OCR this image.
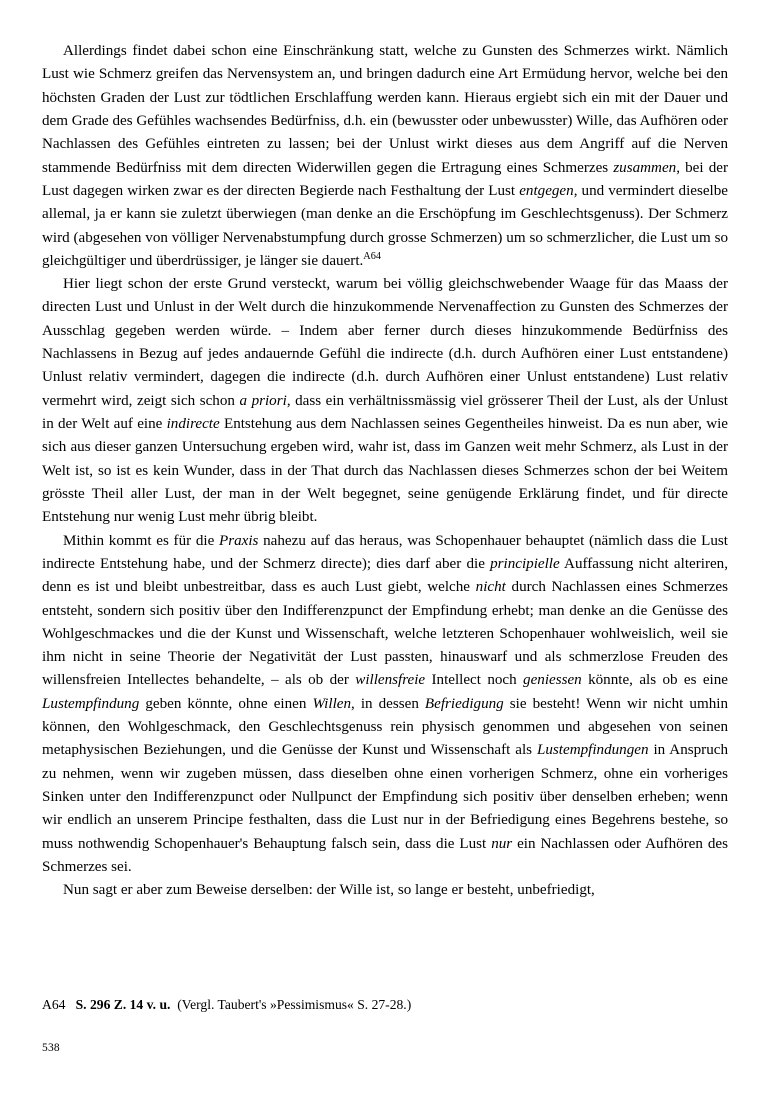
Allerdings findet dabei schon eine Einschränkung statt, welche zu Gunsten des Schmerzes wirkt. Nämlich Lust wie Schmerz greifen das Nervensystem an, und bringen dadurch eine Art Ermüdung hervor, welche bei den höchsten Graden der Lust zur tödtlichen Erschlaffung werden kann. Hieraus ergiebt sich ein mit der Dauer und dem Grade des Gefühles wachsendes Bedürfniss, d.h. ein (bewusster oder unbewusster) Wille, das Aufhören oder Nachlassen des Gefühles eintreten zu lassen; bei der Unlust wirkt dieses aus dem Angriff auf die Nerven stammende Bedürfniss mit dem directen Widerwillen gegen die Ertragung eines Schmerzes zusammen, bei der Lust dagegen wirken zwar es der directen Begierde nach Festhaltung der Lust entgegen, und vermindert dieselbe allemal, ja er kann sie zuletzt überwiegen (man denke an die Erschöpfung im Geschlechtsgenuss). Der Schmerz wird (abgesehen von völliger Nervenabstumpfung durch grosse Schmerzen) um so schmerzlicher, die Lust um so gleichgültiger und überdrüssiger, je länger sie dauert.$^{A64}$

Hier liegt schon der erste Grund versteckt, warum bei völlig gleichschwebender Waage für das Maass der directen Lust und Unlust in der Welt durch die hinzukommende Nervenaffection zu Gunsten des Schmerzes der Ausschlag gegeben werden würde. – Indem aber ferner durch dieses hinzukommende Bedürfniss des Nachlassens in Bezug auf jedes andauernde Gefühl die indirecte (d.h. durch Aufhören einer Lust entstandene) Unlust relativ vermindert, dagegen die indirecte (d.h. durch Aufhören einer Unlust entstandene) Lust relativ vermehrt wird, zeigt sich schon a priori, dass ein verhältnissmässig viel grösserer Theil der Lust, als der Unlust in der Welt auf eine indirecte Entstehung aus dem Nachlassen seines Gegentheiles hinweist. Da es nun aber, wie sich aus dieser ganzen Untersuchung ergeben wird, wahr ist, dass im Ganzen weit mehr Schmerz, als Lust in der Welt ist, so ist es kein Wunder, dass in der That durch das Nachlassen dieses Schmerzes schon der bei Weitem grösste Theil aller Lust, der man in der Welt begegnet, seine genügende Erklärung findet, und für directe Entstehung nur wenig Lust mehr übrig bleibt.

Mithin kommt es für die Praxis nahezu auf das heraus, was Schopenhauer behauptet (nämlich dass die Lust indirecte Entstehung habe, und der Schmerz directe); dies darf aber die principielle Auffassung nicht alteriren, denn es ist und bleibt unbestreitbar, dass es auch Lust giebt, welche nicht durch Nachlassen eines Schmerzes entsteht, sondern sich positiv über den Indifferenzpunct der Empfindung erhebt; man denke an die Genüsse des Wohlgeschmackes und die der Kunst und Wissenschaft, welche letzteren Schopenhauer wohlweislich, weil sie ihm nicht in seine Theorie der Negativität der Lust passten, hinauswarf und als schmerzlose Freuden des willensfreien Intellectes behandelte, – als ob der willensfreie Intellect noch geniessen könnte, als ob es eine Lustempfindung geben könnte, ohne einen Willen, in dessen Befriedigung sie besteht! Wenn wir nicht umhin können, den Wohlgeschmack, den Geschlechtsgenuss rein physisch genommen und abgesehen von seinen metaphysischen Beziehungen, und die Genüsse der Kunst und Wissenschaft als Lustempfindungen in Anspruch zu nehmen, wenn wir zugeben müssen, dass dieselben ohne einen vorherigen Schmerz, ohne ein vorheriges Sinken unter den Indifferenzpunct oder Nullpunct der Empfindung sich positiv über denselben erheben; wenn wir endlich an unserem Principe festhalten, dass die Lust nur in der Befriedigung eines Begehrens bestehe, so muss nothwendig Schopenhauer's Behauptung falsch sein, dass die Lust nur ein Nachlassen oder Aufhören des Schmerzes sei.

Nun sagt er aber zum Beweise derselben: der Wille ist, so lange er besteht, unbefriedigt,

A64 S. 296 Z. 14 v. u. (Vergl. Taubert's »Pessimismus« S. 27-28.)

538
